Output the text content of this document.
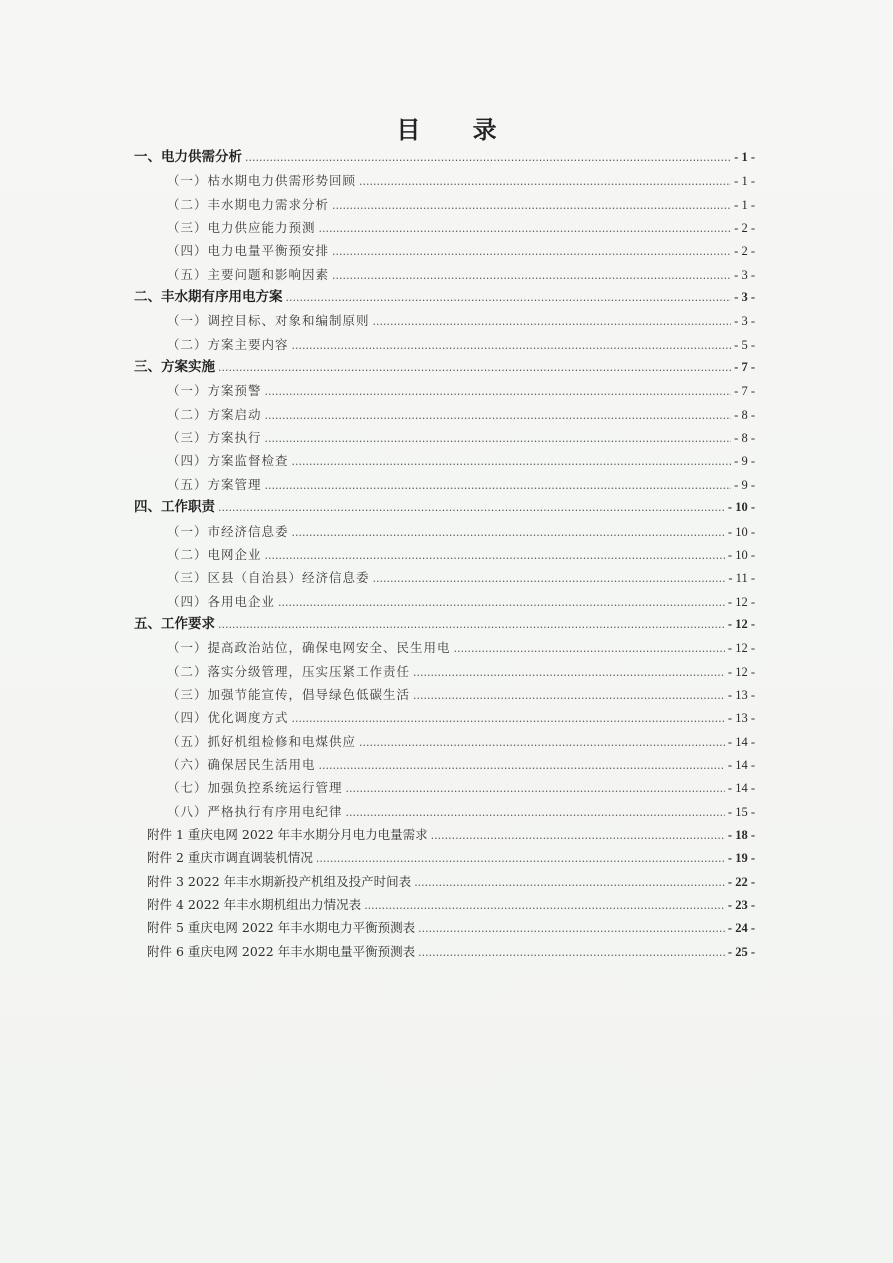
目 录
一、电力供需分析 .....	- 1 -
（一）枯水期电力供需形势回顾 .....	- 1 -
（二）丰水期电力需求分析 .....	- 1 -
（三）电力供应能力预测 .....	- 2 -
（四）电力电量平衡预安排 .....	- 2 -
（五）主要问题和影响因素 .....	- 3 -
二、丰水期有序用电方案 .....	- 3 -
（一）调控目标、对象和编制原则 .....	- 3 -
（二）方案主要内容 .....	- 5 -
三、方案实施 .....	- 7 -
（一）方案预警 .....	- 7 -
（二）方案启动 .....	- 8 -
（三）方案执行 .....	- 8 -
（四）方案监督检查 .....	- 9 -
（五）方案管理 .....	- 9 -
四、工作职责 .....	- 10 -
（一）市经济信息委 .....	- 10 -
（二）电网企业 .....	- 10 -
（三）区县（自治县）经济信息委 .....	- 11 -
（四）各用电企业 .....	- 12 -
五、工作要求 .....	- 12 -
（一）提高政治站位，确保电网安全、民生用电 .....	- 12 -
（二）落实分级管理，压实压紧工作责任 .....	- 12 -
（三）加强节能宣传，倡导绿色低碳生活 .....	- 13 -
（四）优化调度方式 .....	- 13 -
（五）抓好机组检修和电煤供应 .....	- 14 -
（六）确保居民生活用电 .....	- 14 -
（七）加强负控系统运行管理 .....	- 14 -
（八）严格执行有序用电纪律 .....	- 15 -
附件 1 重庆电网 2022 年丰水期分月电力电量需求 .....	- 18 -
附件 2 重庆市调直调装机情况 .....	- 19 -
附件 3 2022 年丰水期新投产机组及投产时间表 .....	- 22 -
附件 4 2022 年丰水期机组出力情况表 .....	- 23 -
附件 5 重庆电网 2022 年丰水期电力平衡预测表 .....	- 24 -
附件 6 重庆电网 2022 年丰水期电量平衡预测表 .....	- 25 -
